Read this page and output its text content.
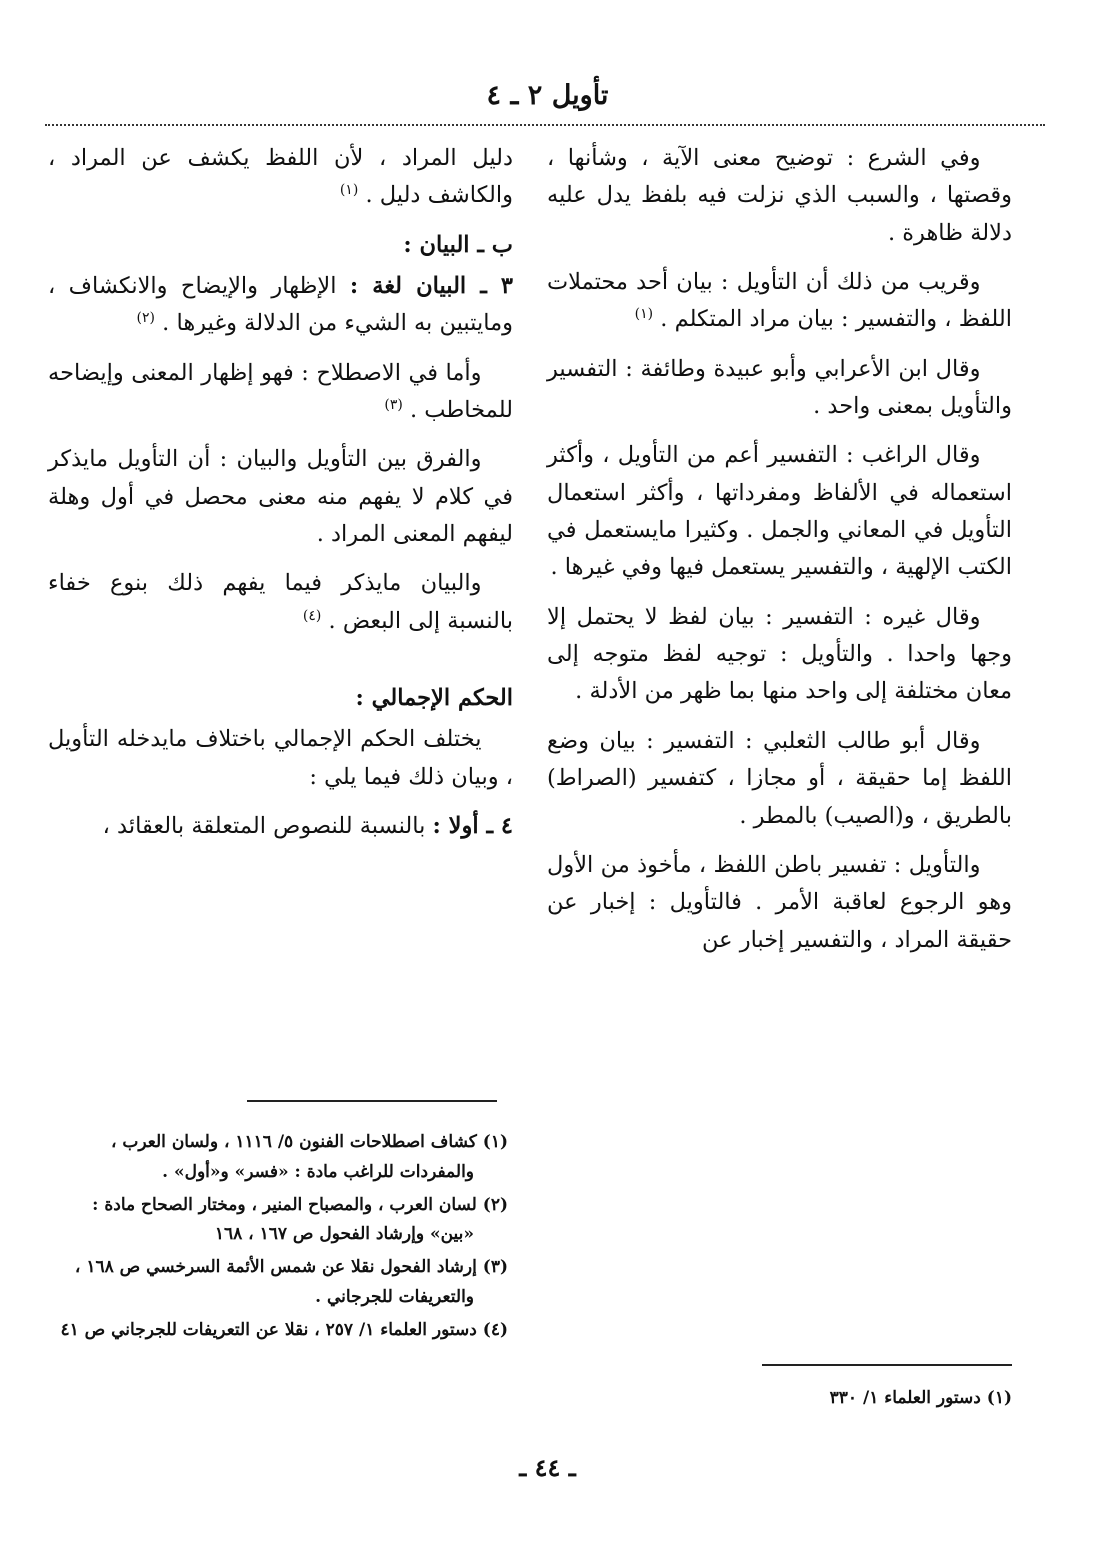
تأويل ٢ ـ ٤

وفي الشرع : توضيح معنى الآية ، وشأنها ، وقصتها ، والسبب الذي نزلت فيه بلفظ يدل عليه دلالة ظاهرة .

وقريب من ذلك أن التأويل : بيان أحد محتملات اللفظ ، والتفسير : بيان مراد المتكلم . $^{(١)}$

وقال ابن الأعرابي وأبو عبيدة وطائفة : التفسير والتأويل بمعنى واحد .

وقال الراغب : التفسير أعم من التأويل ، وأكثر استعماله في الألفاظ ومفرداتها ، وأكثر استعمال التأويل في المعاني والجمل . وكثيرا مايستعمل في الكتب الإلهية ، والتفسير يستعمل فيها وفي غيرها .

وقال غيره : التفسير : بيان لفظ لا يحتمل إلا وجها واحدا . والتأويل : توجيه لفظ متوجه إلى معان مختلفة إلى واحد منها بما ظهر من الأدلة .

وقال أبو طالب الثعلبي : التفسير : بيان وضع اللفظ إما حقيقة ، أو مجازا ، كتفسير (الصراط) بالطريق ، و(الصيب) بالمطر .

والتأويل : تفسير باطن اللفظ ، مأخوذ من الأول وهو الرجوع لعاقبة الأمر . فالتأويل : إخبار عن حقيقة المراد ، والتفسير إخبار عن

دليل المراد ، لأن اللفظ يكشف عن المراد ، والكاشف دليل . $^{(١)}$

ب ـ البيان :

٣ ـ البيان لغة : الإظهار والإيضاح والانكشاف ، ومايتبين به الشيء من الدلالة وغيرها . $^{(٢)}$

وأما في الاصطلاح : فهو إظهار المعنى وإيضاحه للمخاطب . $^{(٣)}$

والفرق بين التأويل والبيان : أن التأويل مايذكر في كلام لا يفهم منه معنى محصل في أول وهلة ليفهم المعنى المراد .

والبيان مايذكر فيما يفهم ذلك بنوع خفاء بالنسبة إلى البعض . $^{(٤)}$

الحكم الإجمالي :

يختلف الحكم الإجمالي باختلاف مايدخله التأويل ، وبيان ذلك فيما يلي :

٤ ـ أولا : بالنسبة للنصوص المتعلقة بالعقائد ،

(١) دستور العلماء ١/ ٣٣٠
(١) كشاف اصطلاحات الفنون ٥/ ١١١٦ ، ولسان العرب ، والمفردات للراغب مادة : «فسر» و«أول» .
(٢) لسان العرب ، والمصباح المنير ، ومختار الصحاح مادة : «بين» وإرشاد الفحول ص ١٦٧ ، ١٦٨
(٣) إرشاد الفحول نقلا عن شمس الأئمة السرخسي ص ١٦٨ ، والتعريفات للجرجاني .
(٤) دستور العلماء ١/ ٢٥٧ ، نقلا عن التعريفات للجرجاني ص ٤١
ـ ٤٤ ـ
